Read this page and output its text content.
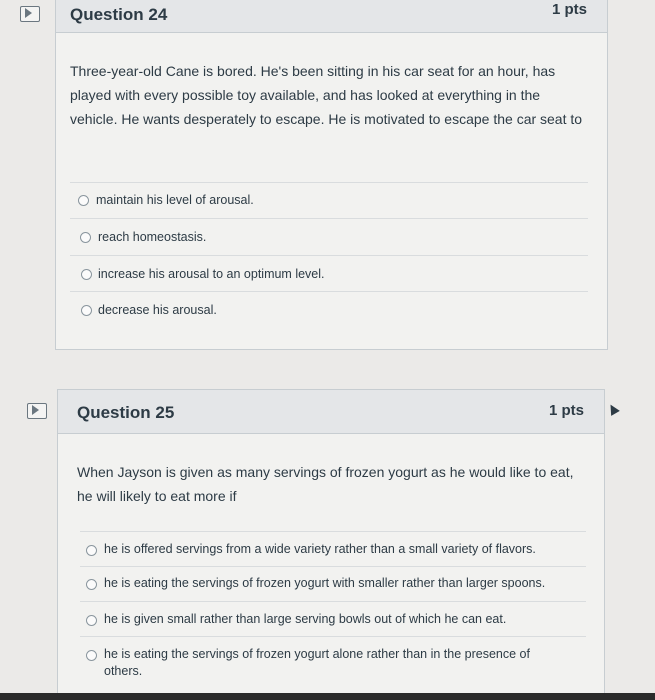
Question 24	1 pts
Three-year-old Cane is bored. He's been sitting in his car seat for an hour, has played with every possible toy available, and has looked at everything in the vehicle. He wants desperately to escape. He is motivated to escape the car seat to
maintain his level of arousal.
reach homeostasis.
increase his arousal to an optimum level.
decrease his arousal.
Question 25	1 pts
When Jayson is given as many servings of frozen yogurt as he would like to eat, he will likely to eat more if
he is offered servings from a wide variety rather than a small variety of flavors.
he is eating the servings of frozen yogurt with smaller rather than larger spoons.
he is given small rather than large serving bowls out of which he can eat.
he is eating the servings of frozen yogurt alone rather than in the presence of others.
